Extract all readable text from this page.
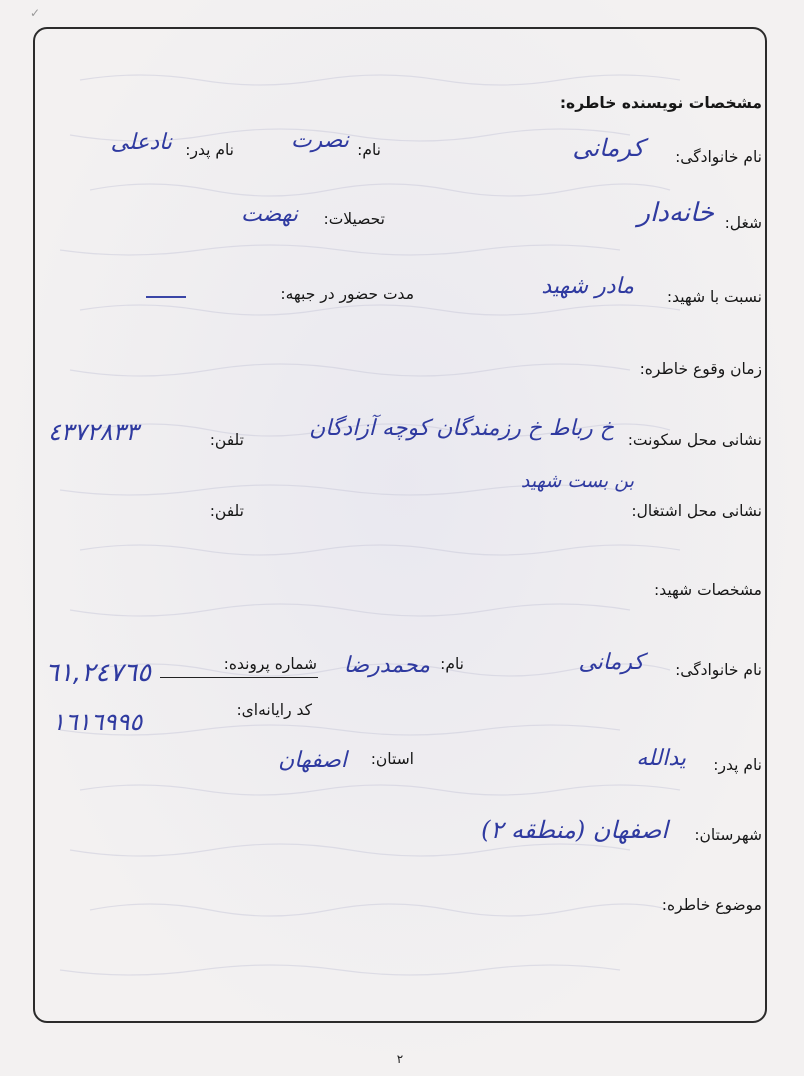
✓
مشخصات نویسنده خاطره:
نام خانوادگی:
کرمانی
نام:
نصرت
نام پدر:
نادعلی
شغل:
خانه‌دار
تحصیلات:
نهضت
نسبت با شهید:
مادر شهید
مدت حضور در جبهه:
زمان وقوع خاطره:
نشانی محل سکونت:
خ رباط خ رزمندگان کوچه آزادگان
بن بست شهید
تلفن:
٤٣٧٢٨٣٣
نشانی محل اشتغال:
تلفن:
مشخصات شهید:
نام خانوادگی:
کرمانی
نام:
محمدرضا
شماره پرونده:
٦١,٢٤٧٦٥
کد رایانه‌ای:
١٦١٦٩٩٥
نام پدر:
یدالله
استان:
اصفهان
شهرستان:
اصفهان (منطقه ٢)
موضوع خاطره:
٢
